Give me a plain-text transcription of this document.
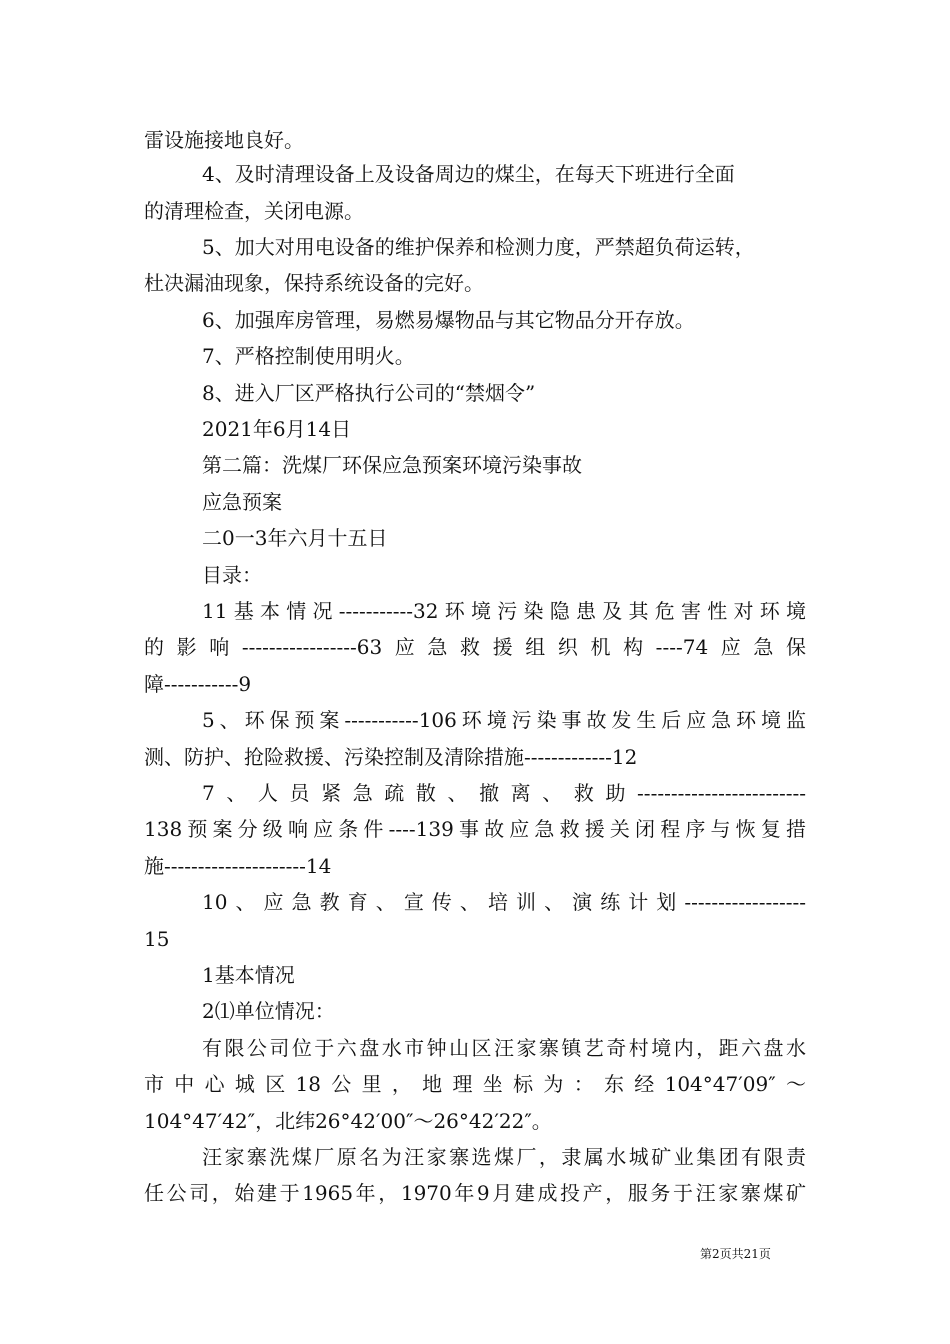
雷设施接地良好。
4、及时清理设备上及设备周边的煤尘，在每天下班进行全面
的清理检查，关闭电源。
5、加大对用电设备的维护保养和检测力度，严禁超负荷运转，
杜决漏油现象，保持系统设备的完好。
6、加强库房管理，易燃易爆物品与其它物品分开存放。
7、严格控制使用明火。
8、进入厂区严格执行公司的“禁烟令”
2021年6月14日
第二篇：洗煤厂环保应急预案环境污染事故
应急预案
二0一3年六月十五日
目录：
11基本情况-----------32环境污染隐患及其危害性对环境
的影响-----------------63应急救援组织机构----74应急保
障-----------9
5、环保预案-----------106环境污染事故发生后应急环境监
测、防护、抢险救援、污染控制及清除措施-------------12
7、人员紧急疏散、撤离、救助-------------------------
138预案分级响应条件----139事故应急救援关闭程序与恢复措
施---------------------14
10、应急教育、宣传、培训、演练计划------------------
15
1基本情况
2⑴单位情况：
有限公司位于六盘水市钟山区汪家寨镇艺奇村境内，距六盘水
市中心城区18公里，地理坐标为：东经104°47′09″～
104°47′42″，北纬26°42′00″～26°42′22″。
汪家寨洗煤厂原名为汪家寨选煤厂，隶属水城矿业集团有限责
任公司，始建于1965年，1970年9月建成投产，服务于汪家寨煤矿
第2页共21页
